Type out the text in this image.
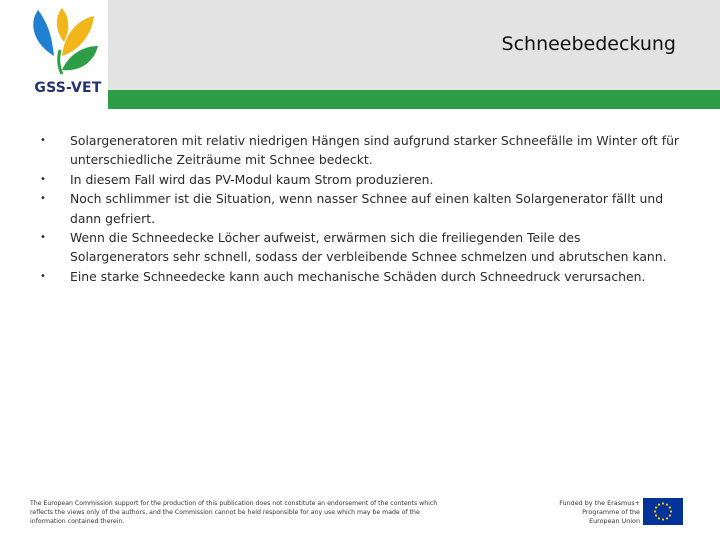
Schneebedeckung
GSS-VET
• Solargeneratoren mit relativ niedrigen Hängen sind aufgrund starker Schneefälle im Winter oft für unterschiedliche Zeiträume mit Schnee bedeckt.
• In diesem Fall wird das PV-Modul kaum Strom produzieren.
• Noch schlimmer ist die Situation, wenn nasser Schnee auf einen kalten Solargenerator fällt und dann gefriert.
• Wenn die Schneedecke Löcher aufweist, erwärmen sich die freiliegenden Teile des Solargenerators sehr schnell, sodass der verbleibende Schnee schmelzen und abrutschen kann.
• Eine starke Schneedecke kann auch mechanische Schäden durch Schneedruck verursachen.
The European Commission support for the production of this publication does not constitute an endorsement of the contents which reflects the views only of the authors, and the Commission cannot be held responsible for any use which may be made of the information contained therein.
Funded by the Erasmus+ Programme of the European Union
